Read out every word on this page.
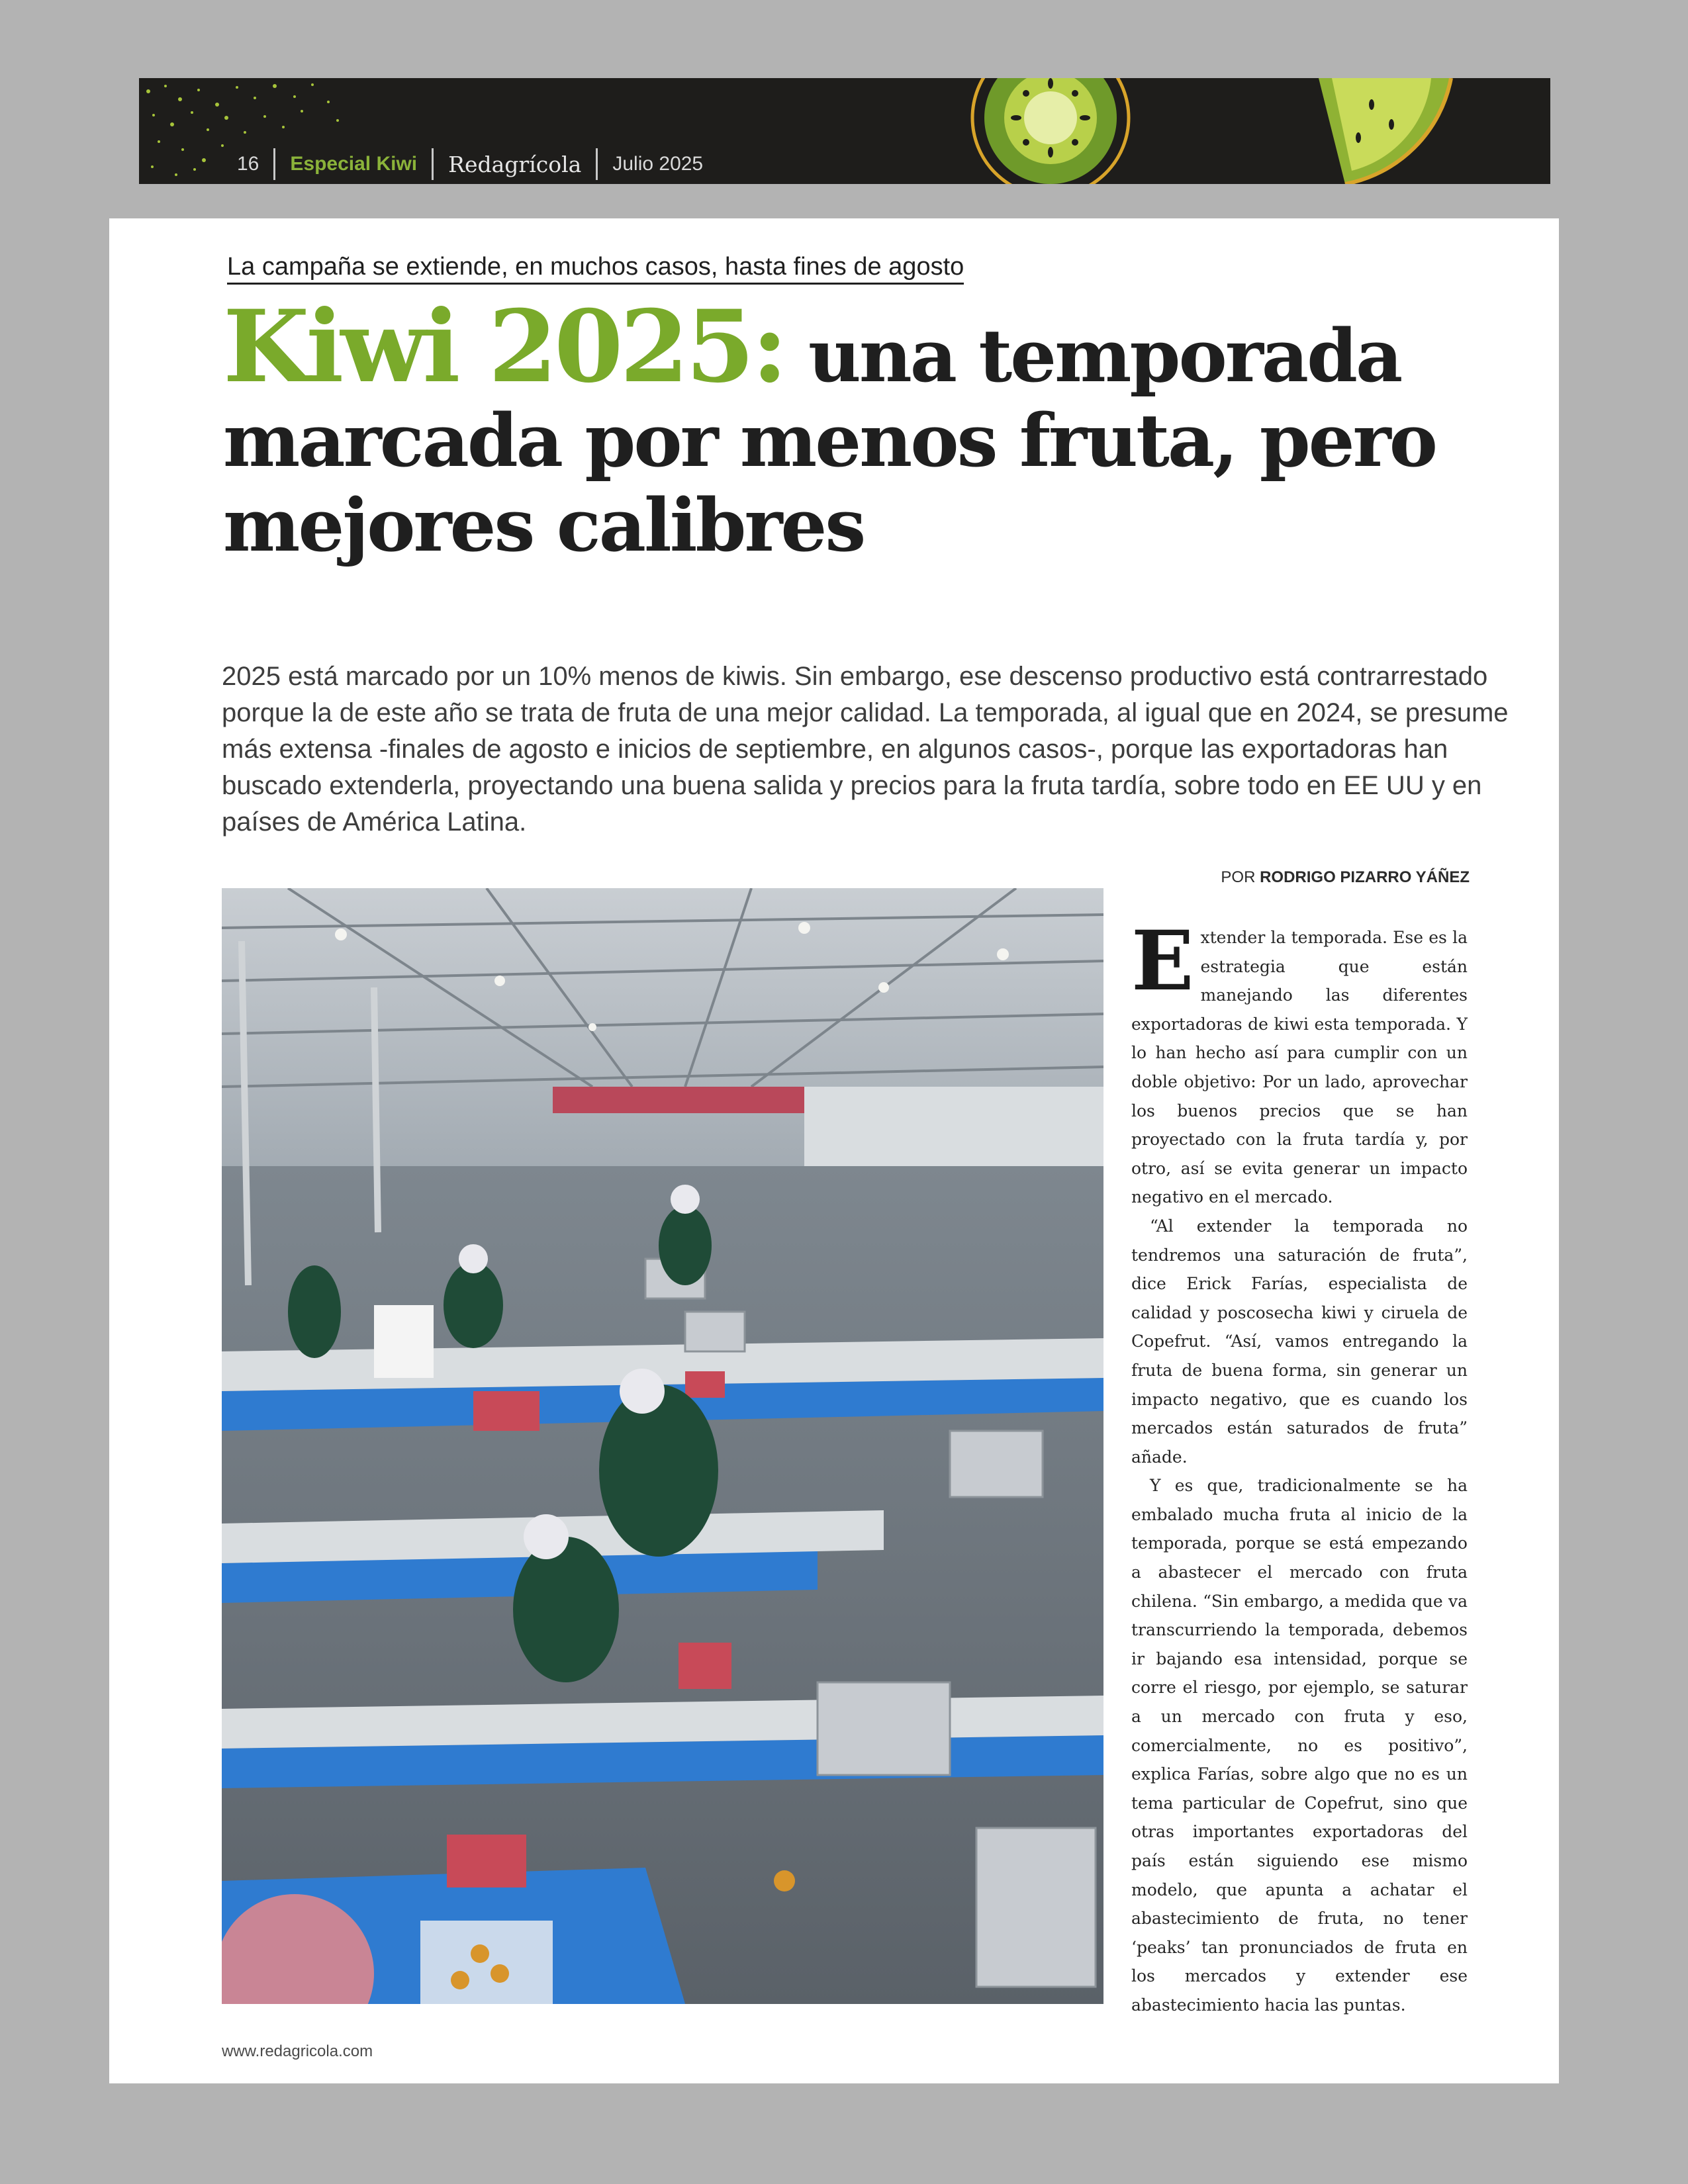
16 Especial Kiwi Redagrícola Julio 2025
La campaña se extiende, en muchos casos, hasta fines de agosto
Kiwi 2025: una temporada marcada por menos fruta, pero mejores calibres
2025 está marcado por un 10% menos de kiwis. Sin embargo, ese descenso productivo está contrarrestado porque la de este año se trata de fruta de una mejor calidad. La temporada, al igual que en 2024, se presume más extensa -finales de agosto e inicios de septiembre, en algunos casos-, porque las exportadoras han buscado extenderla, proyectando una buena salida y precios para la fruta tardía, sobre todo en EE UU y en países de América Latina.
POR RODRIGO PIZARRO YÁÑEZ

Extender la temporada. Ese es la estrategia que están manejando las diferentes exportadoras de kiwi esta temporada. Y lo han hecho así para cumplir con un doble objetivo: Por un lado, aprovechar los buenos precios que se han proyectado con la fruta tardía y, por otro, así se evita generar un impacto negativo en el mercado.

“Al extender la temporada no tendremos una saturación de fruta”, dice Erick Farías, especialista de calidad y poscosecha kiwi y ciruela de Copefrut. “Así, vamos entregando la fruta de buena forma, sin generar un impacto negativo, que es cuando los mercados están saturados de fruta” añade.

Y es que, tradicionalmente se ha embalado mucha fruta al inicio de la temporada, porque se está empezando a abastecer el mercado con fruta chilena. “Sin embargo, a medida que va transcurriendo la temporada, debemos ir bajando esa intensidad, porque se corre el riesgo, por ejemplo, se saturar a un mercado con fruta y eso, comercialmente, no es positivo”, explica Farías, sobre algo que no es un tema particular de Copefrut, sino que otras importantes exportadoras del país están siguiendo ese mismo modelo, que apunta a achatar el abastecimiento de fruta, no tener ‘peaks’ tan pronunciados de fruta en los mercados y extender ese abastecimiento hacia las puntas.

www.redagricola.com
